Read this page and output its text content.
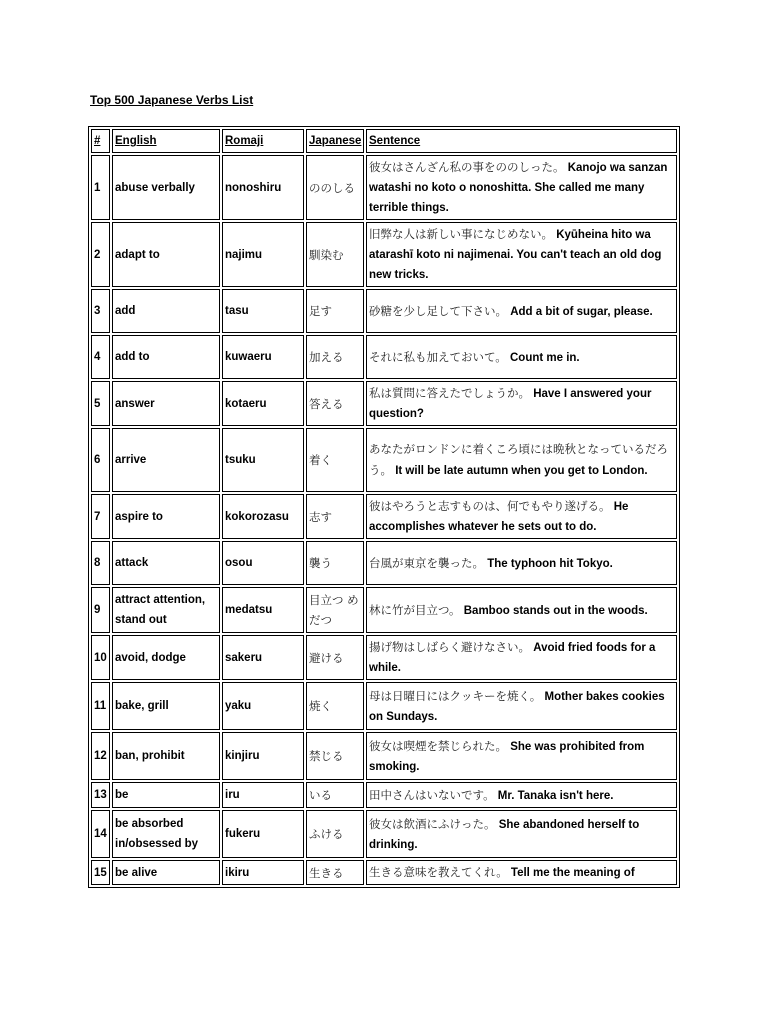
Top 500 Japanese Verbs List
#	English	Romaji	Japanese	Sentence
1	abuse verbally	nonoshiru	ののしる	彼女はさんざん私の事をののしった。 Kanojo wa sanzan watashi no koto o nonoshitta. She called me many terrible things.
2	adapt to	najimu	馴染む	旧弊な人は新しい事になじめない。 Kyūheina hito wa atarashī koto ni najimenai. You can't teach an old dog new tricks.
3	add	tasu	足す	砂糖を少し足して下さい。 Add a bit of sugar, please.
4	add to	kuwaeru	加える	それに私も加えておいて。 Count me in.
5	answer	kotaeru	答える	私は質問に答えたでしょうか。 Have I answered your question?
6	arrive	tsuku	着く	あなたがロンドンに着くころ頃には晩秋となっているだろう。 It will be late autumn when you get to London.
7	aspire to	kokorozasu	志す	彼はやろうと志すものは、何でもやり遂げる。 He accomplishes whatever he sets out to do.
8	attack	osou	襲う	台風が東京を襲った。 The typhoon hit Tokyo.
9	attract attention, stand out	medatsu	目立つ めだつ	林に竹が目立つ。 Bamboo stands out in the woods.
10	avoid, dodge	sakeru	避ける	揚げ物はしばらく避けなさい。 Avoid fried foods for a while.
11	bake, grill	yaku	焼く	母は日曜日にはクッキーを焼く。 Mother bakes cookies on Sundays.
12	ban, prohibit	kinjiru	禁じる	彼女は喫煙を禁じられた。 She was prohibited from smoking.
13	be	iru	いる	田中さんはいないです。 Mr. Tanaka isn't here.
14	be absorbed in/obsessed by	fukeru	ふける	彼女は飲酒にふけった。 She abandoned herself to drinking.
15	be alive	ikiru	生きる	生きる意味を教えてくれ。 Tell me the meaning of
